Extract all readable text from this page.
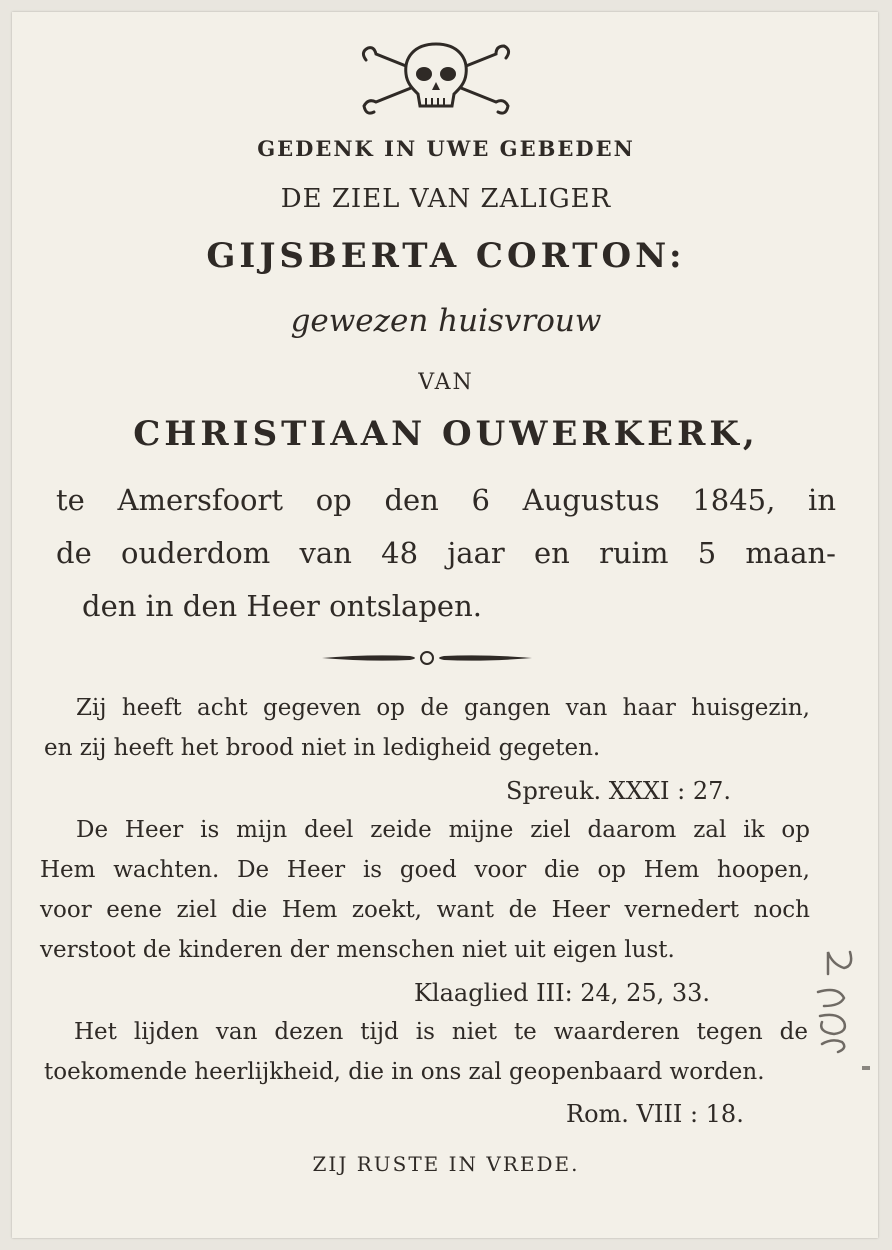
GEDENK IN UWE GEBEDEN
DE ZIEL VAN ZALIGER
GIJSBERTA CORTON:
gewezen huisvrouw
VAN
CHRISTIAAN OUWERKERK,
te Amersfoort op den 6 Augustus 1845, in
de ouderdom van 48 jaar en ruim 5 maan-
den in den Heer ontslapen.
Zij heeft acht gegeven op de gangen van haar huisgezin,
en zij heeft het brood niet in ledigheid gegeten.
Spreuk. XXXI : 27.
De Heer is mijn deel zeide mijne ziel daarom zal ik op
Hem wachten. De Heer is goed voor die op Hem hoopen,
voor eene ziel die Hem zoekt, want de Heer vernedert noch
verstoot de kinderen der menschen niet uit eigen lust.
Klaaglied III: 24, 25, 33.
Het lijden van dezen tijd is niet te waarderen tegen de
toekomende heerlijkheid, die in ons zal geopenbaard worden.
Rom. VIII : 18.
ZIJ RUSTE IN VREDE.
